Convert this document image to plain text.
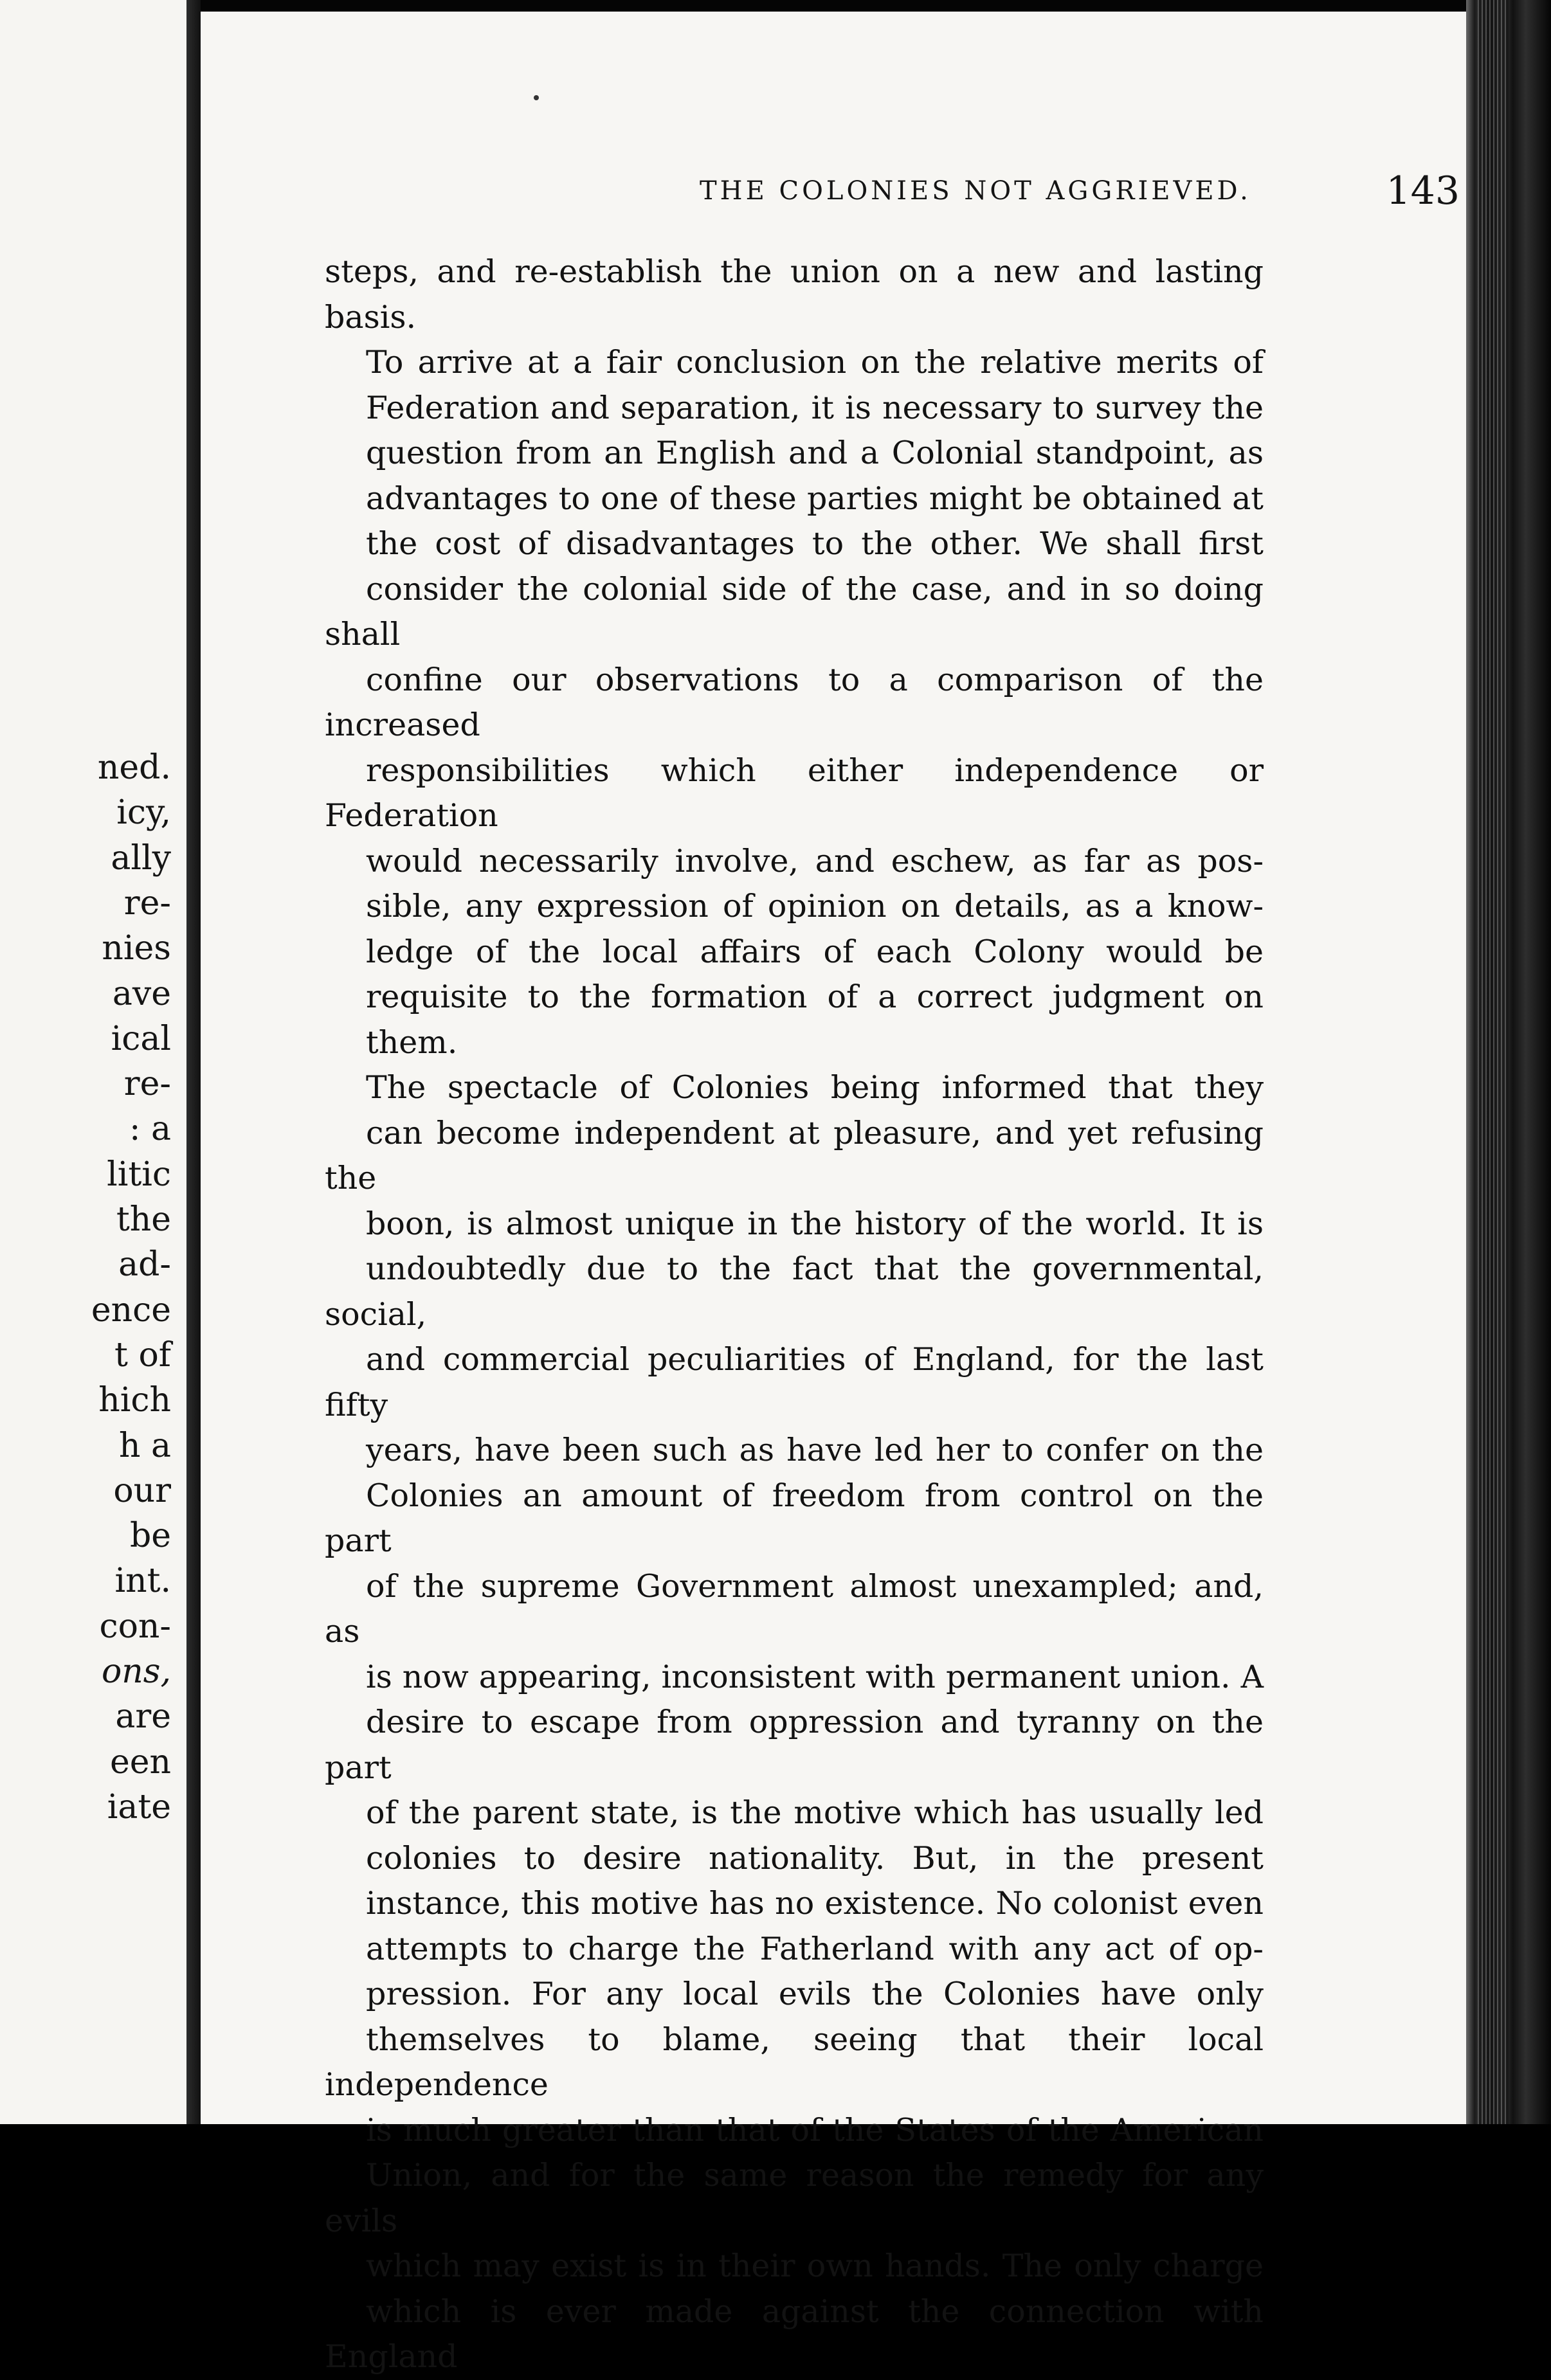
ned.
icy,
ally
re-
nies
ave
ical
re-
: a
litic
the
ad-
ence
t of
hich
h a
our
be
int.
con-
ons,
are
een
iate
THE COLONIES NOT AGGRIEVED.	143

steps, and re-establish the union on a new and lasting
basis.

To arrive at a fair conclusion on the relative merits of
Federation and separation, it is necessary to survey the
question from an English and a Colonial standpoint, as
advantages to one of these parties might be obtained at
the cost of disadvantages to the other. We shall first
consider the colonial side of the case, and in so doing shall
confine our observations to a comparison of the increased
responsibilities which either independence or Federation
would necessarily involve, and eschew, as far as pos-
sible, any expression of opinion on details, as a know-
ledge of the local affairs of each Colony would be
requisite to the formation of a correct judgment on
them.

The spectacle of Colonies being informed that they
can become independent at pleasure, and yet refusing the
boon, is almost unique in the history of the world. It is
undoubtedly due to the fact that the governmental, social,
and commercial peculiarities of England, for the last fifty
years, have been such as have led her to confer on the
Colonies an amount of freedom from control on the part
of the supreme Government almost unexampled; and, as
is now appearing, inconsistent with permanent union. A
desire to escape from oppression and tyranny on the part
of the parent state, is the motive which has usually led
colonies to desire nationality. But, in the present
instance, this motive has no existence. No colonist even
attempts to charge the Fatherland with any act of op-
pression. For any local evils the Colonies have only
themselves to blame, seeing that their local independence
is much greater than that of the States of the American
Union, and for the same reason the remedy for any evils
which may exist is in their own hands. The only charge
which is ever made against the connection with England
